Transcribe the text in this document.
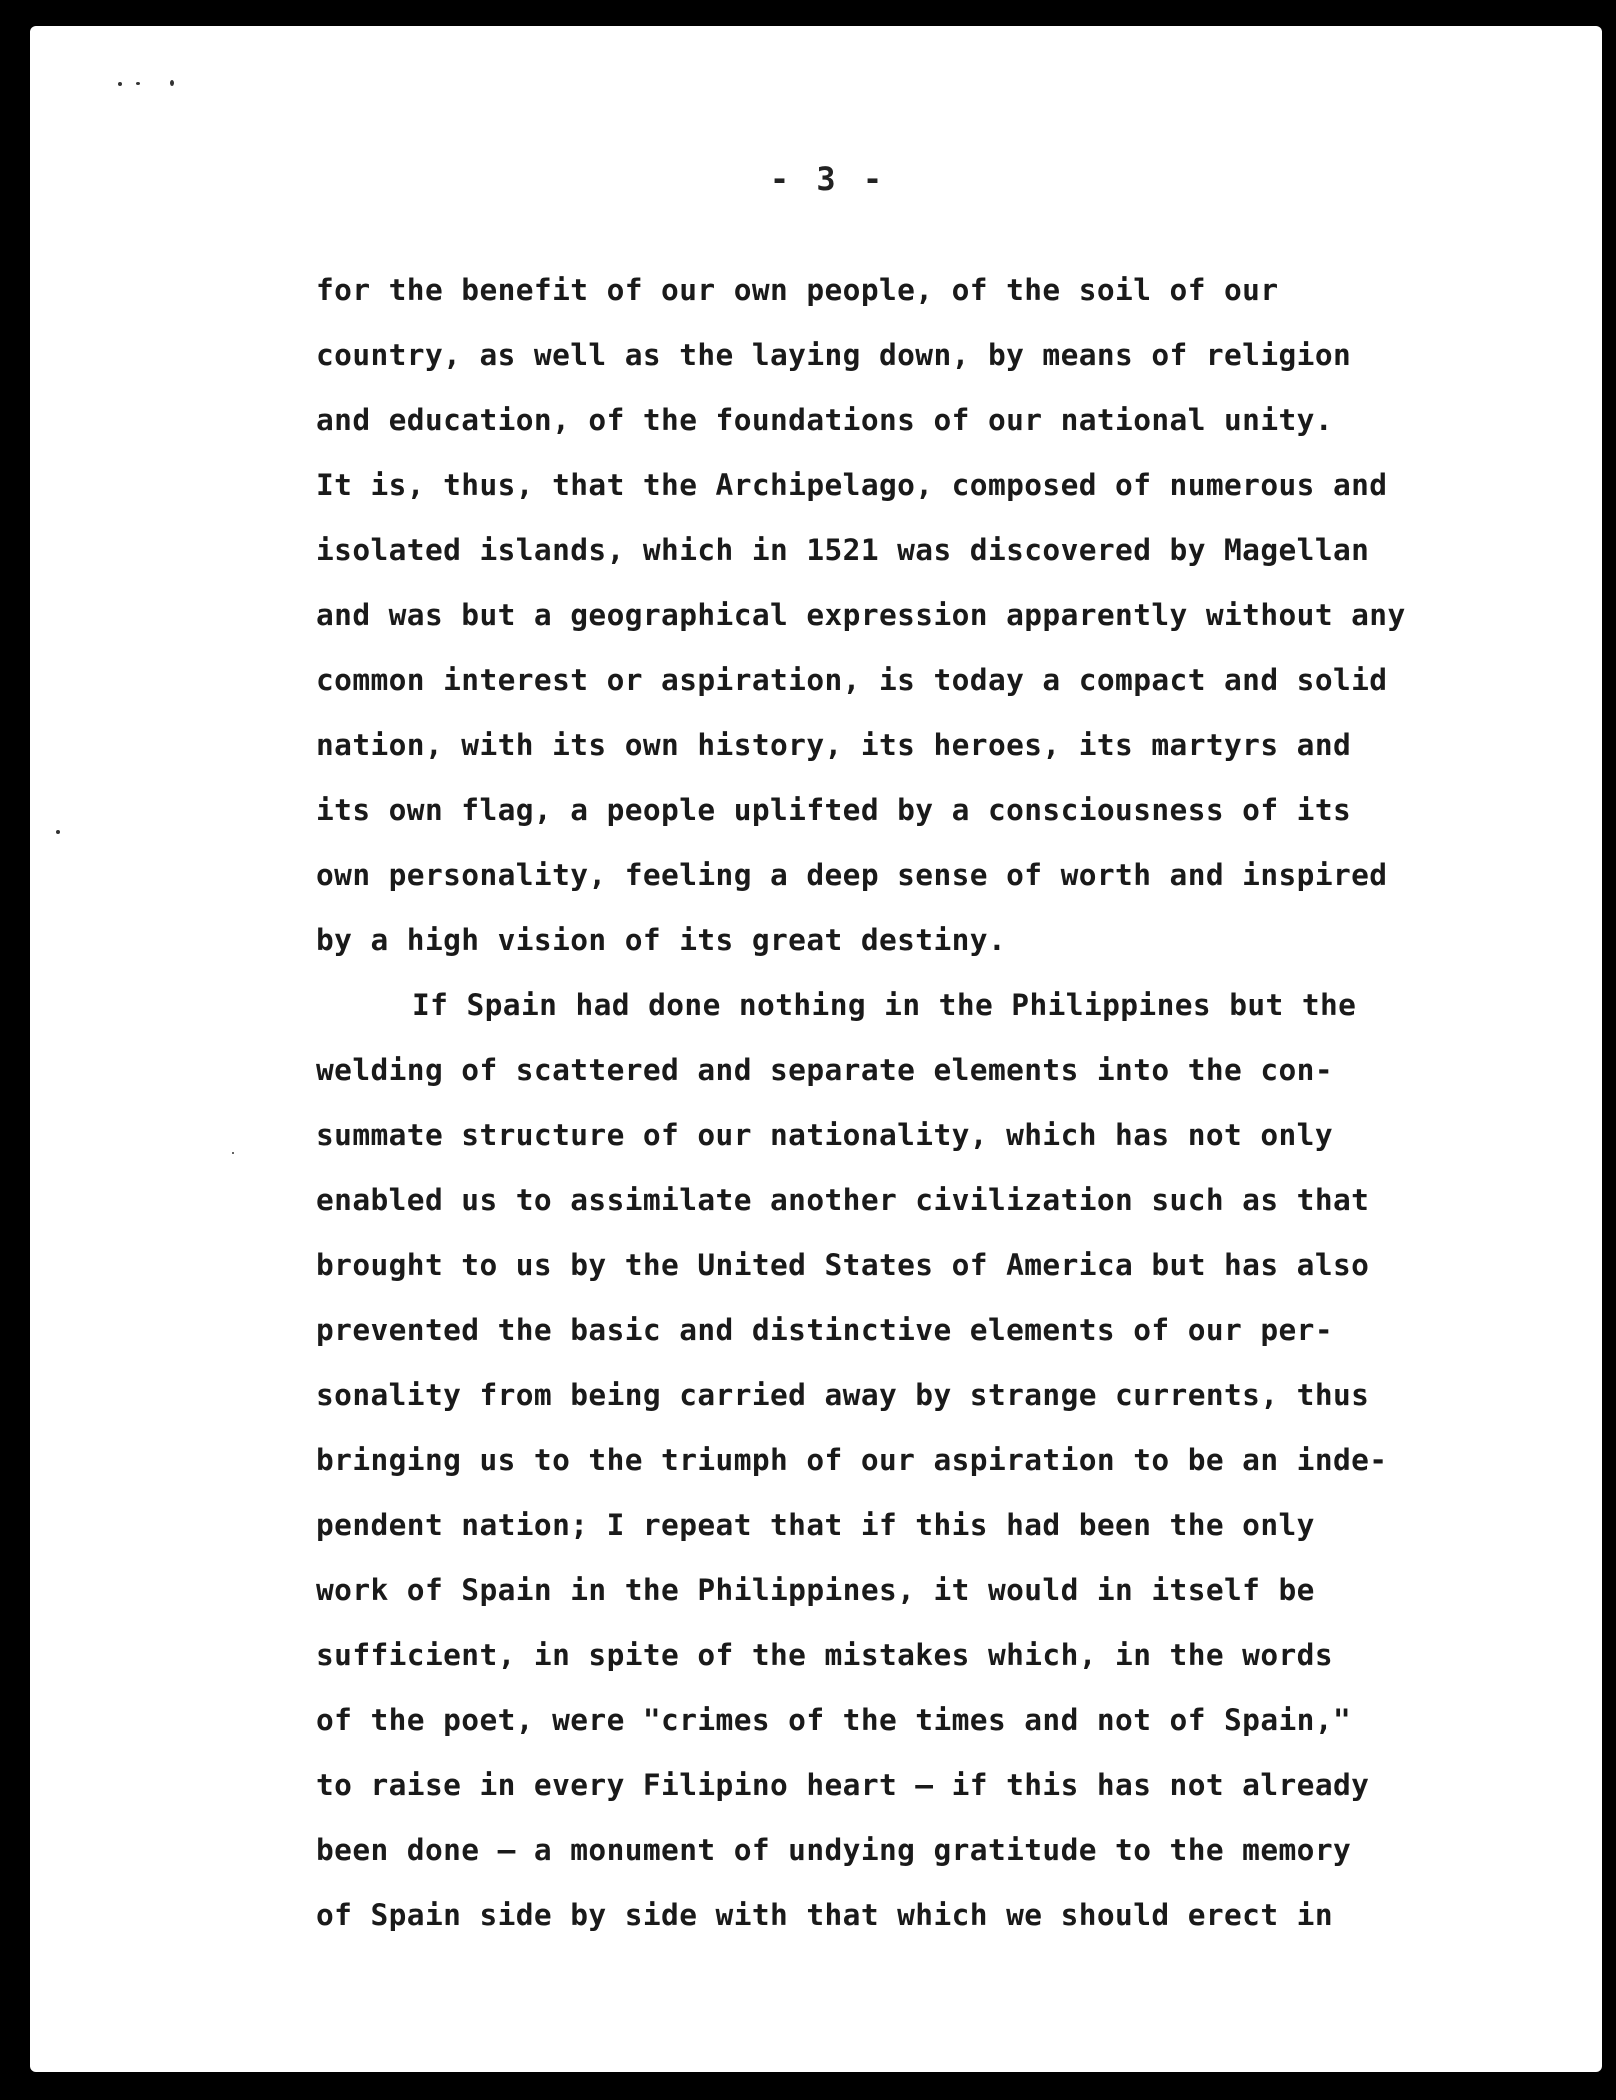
- 3 -
for the benefit of our own people, of the soil of our
country, as well as the laying down, by means of religion
and education, of the foundations of our national unity.
It is, thus, that the Archipelago, composed of numerous and
isolated islands, which in 1521 was discovered by Magellan
and was but a geographical expression apparently without any
common interest or aspiration, is today a compact and solid
nation, with its own history, its heroes, its martyrs and
its own flag, a people uplifted by a consciousness of its
own personality, feeling a deep sense of worth and inspired
by a high vision of its great destiny.
If Spain had done nothing in the Philippines but the
welding of scattered and separate elements into the con-
summate structure of our nationality, which has not only
enabled us to assimilate another civilization such as that
brought to us by the United States of America but has also
prevented the basic and distinctive elements of our per-
sonality from being carried away by strange currents, thus
bringing us to the triumph of our aspiration to be an inde-
pendent nation; I repeat that if this had been the only
work of Spain in the Philippines, it would in itself be
sufficient, in spite of the mistakes which, in the words
of the poet, were "crimes of the times and not of Spain,"
to raise in every Filipino heart — if this has not already
been done — a monument of undying gratitude to the memory
of Spain side by side with that which we should erect in
